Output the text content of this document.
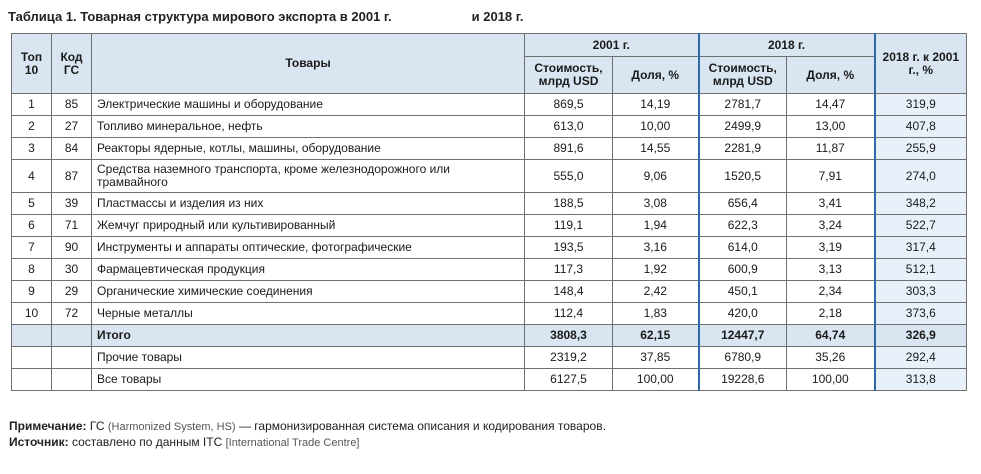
Таблица 1. Товарная структура мирового экспорта в 2001 г.	и 2018 г.
Топ 10	Код ГС	Товары	2001 г.		2018 г.		2018 г. к 2001 г., %
			Стоимость, млрд USD	Доля, %	Стоимость, млрд USD	Доля, %	
1	85	Электрические машины и оборудование	869,5	14,19	2781,7	14,47	319,9
2	27	Топливо минеральное, нефть	613,0	10,00	2499,9	13,00	407,8
3	84	Реакторы ядерные, котлы, машины, оборудование	891,6	14,55	2281,9	11,87	255,9
4	87	Средства наземного транспорта, кроме железнодорожного или трамвайного	555,0	9,06	1520,5	7,91	274,0
5	39	Пластмассы и изделия из них	188,5	3,08	656,4	3,41	348,2
6	71	Жемчуг природный или культивированный	119,1	1,94	622,3	3,24	522,7
7	90	Инструменты и аппараты оптические, фотографические	193,5	3,16	614,0	3,19	317,4
8	30	Фармацевтическая продукция	117,3	1,92	600,9	3,13	512,1
9	29	Органические химические соединения	148,4	2,42	450,1	2,34	303,3
10	72	Черные металлы	112,4	1,83	420,0	2,18	373,6
		Итого	3808,3	62,15	12447,7	64,74	326,9
		Прочие товары	2319,2	37,85	6780,9	35,26	292,4
		Все товары	6127,5	100,00	19228,6	100,00	313,8
Примечание: ГС (Harmonized System, HS) — гармонизированная система описания и кодирования товаров.
Источник: составлено по данным ITC [International Trade Centre]
